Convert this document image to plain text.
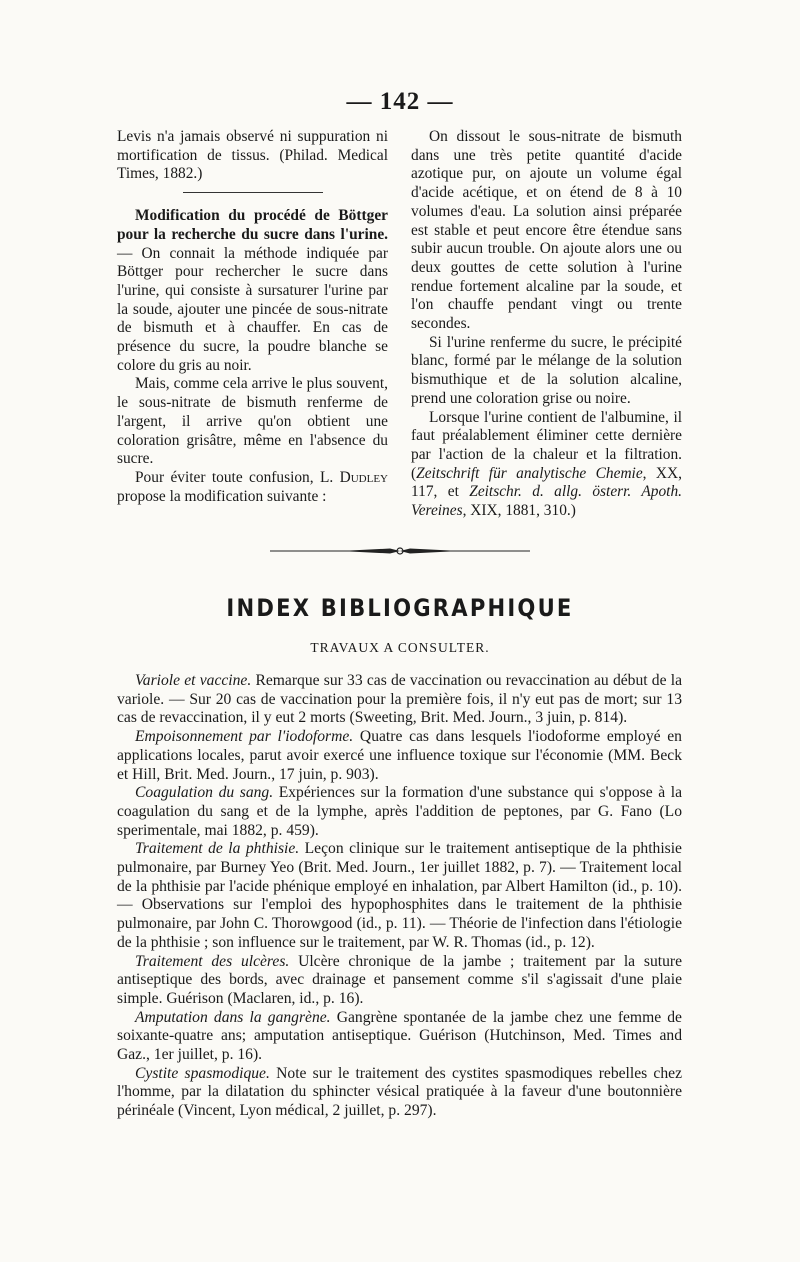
— 142 —

Levis n'a jamais observé ni suppuration ni mortification de tissus. (Philad. Medical Times, 1882.)

Modification du procédé de Böttger pour la recherche du sucre dans l'urine. — On connait la méthode indiquée par Böttger pour rechercher le sucre dans l'urine, qui consiste à sursaturer l'urine par la soude, ajouter une pincée de sous-nitrate de bismuth et à chauffer. En cas de présence du sucre, la poudre blanche se colore du gris au noir.

Mais, comme cela arrive le plus souvent, le sous-nitrate de bismuth renferme de l'argent, il arrive qu'on obtient une coloration grisâtre, même en l'absence du sucre.

Pour éviter toute confusion, L. Dudley propose la modification suivante :

On dissout le sous-nitrate de bismuth dans une très petite quantité d'acide azotique pur, on ajoute un volume égal d'acide acétique, et on étend de 8 à 10 volumes d'eau. La solution ainsi préparée est stable et peut encore être étendue sans subir aucun trouble. On ajoute alors une ou deux gouttes de cette solution à l'urine rendue fortement alcaline par la soude, et l'on chauffe pendant vingt ou trente secondes.

Si l'urine renferme du sucre, le précipité blanc, formé par le mélange de la solution bismuthique et de la solution alcaline, prend une coloration grise ou noire.

Lorsque l'urine contient de l'albumine, il faut préalablement éliminer cette dernière par l'action de la chaleur et la filtration. (Zeitschrift für analytische Chemie, XX, 117, et Zeitschr. d. allg. österr. Apoth. Vereines, XIX, 1881, 310.)

INDEX BIBLIOGRAPHIQUE
TRAVAUX A CONSULTER.

Variole et vaccine. Remarque sur 33 cas de vaccination ou revaccination au début de la variole. — Sur 20 cas de vaccination pour la première fois, il n'y eut pas de mort; sur 13 cas de revaccination, il y eut 2 morts (Sweeting, Brit. Med. Journ., 3 juin, p. 814).

Empoisonnement par l'iodoforme. Quatre cas dans lesquels l'iodoforme employé en applications locales, parut avoir exercé une influence toxique sur l'économie (MM. Beck et Hill, Brit. Med. Journ., 17 juin, p. 903).

Coagulation du sang. Expériences sur la formation d'une substance qui s'oppose à la coagulation du sang et de la lymphe, après l'addition de peptones, par G. Fano (Lo sperimentale, mai 1882, p. 459).

Traitement de la phthisie. Leçon clinique sur le traitement antiseptique de la phthisie pulmonaire, par Burney Yeo (Brit. Med. Journ., 1er juillet 1882, p. 7). — Traitement local de la phthisie par l'acide phénique employé en inhalation, par Albert Hamilton (id., p. 10). — Observations sur l'emploi des hypophosphites dans le traitement de la phthisie pulmonaire, par John C. Thorowgood (id., p. 11). — Théorie de l'infection dans l'étiologie de la phthisie ; son influence sur le traitement, par W. R. Thomas (id., p. 12).

Traitement des ulcères. Ulcère chronique de la jambe ; traitement par la suture antiseptique des bords, avec drainage et pansement comme s'il s'agissait d'une plaie simple. Guérison (Maclaren, id., p. 16).

Amputation dans la gangrène. Gangrène spontanée de la jambe chez une femme de soixante-quatre ans; amputation antiseptique. Guérison (Hutchinson, Med. Times and Gaz., 1er juillet, p. 16).

Cystite spasmodique. Note sur le traitement des cystites spasmodiques rebelles chez l'homme, par la dilatation du sphincter vésical pratiquée à la faveur d'une boutonnière périnéale (Vincent, Lyon médical, 2 juillet, p. 297).
